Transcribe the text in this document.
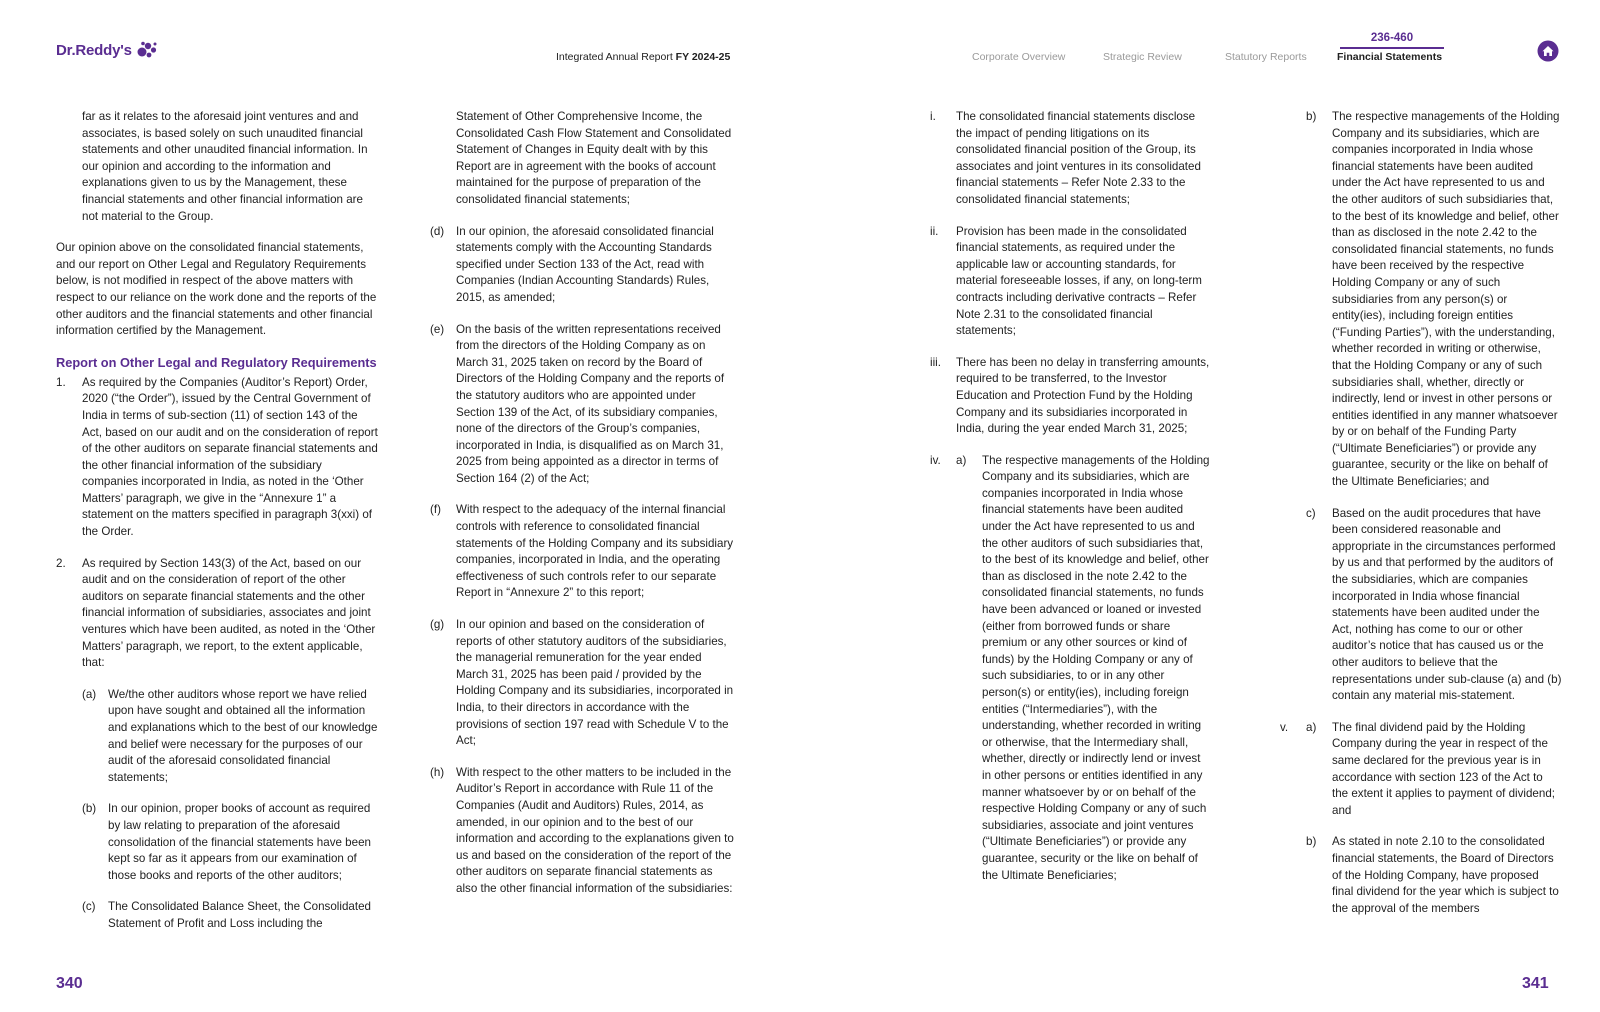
Dr.Reddy's	Integrated Annual Report FY 2024-25	Corporate Overview	Strategic Review	Statutory Reports	Financial Statements
236-460

far as it relates to the aforesaid joint ventures and and associates, is based solely on such unaudited financial statements and other unaudited financial information. In our opinion and according to the information and explanations given to us by the Management, these financial statements and other financial information are not material to the Group.

Our opinion above on the consolidated financial statements, and our report on Other Legal and Regulatory Requirements below, is not modified in respect of the above matters with respect to our reliance on the work done and the reports of the other auditors and the financial statements and other financial information certified by the Management.

Report on Other Legal and Regulatory Requirements
1.	As required by the Companies (Auditor’s Report) Order, 2020 (“the Order”), issued by the Central Government of India in terms of sub-section (11) of section 143 of the Act, based on our audit and on the consideration of report of the other auditors on separate financial statements and the other financial information of the subsidiary companies incorporated in India, as noted in the ‘Other Matters’ paragraph, we give in the “Annexure 1” a statement on the matters specified in paragraph 3(xxi) of the Order.
2.	As required by Section 143(3) of the Act, based on our audit and on the consideration of report of the other auditors on separate financial statements and the other financial information of subsidiaries, associates and joint ventures which have been audited, as noted in the ‘Other Matters’ paragraph, we report, to the extent applicable, that:
(a)	We/the other auditors whose report we have relied upon have sought and obtained all the information and explanations which to the best of our knowledge and belief were necessary for the purposes of our audit of the aforesaid consolidated financial statements;
(b)	In our opinion, proper books of account as required by law relating to preparation of the aforesaid consolidation of the financial statements have been kept so far as it appears from our examination of those books and reports of the other auditors;
(c)	The Consolidated Balance Sheet, the Consolidated Statement of Profit and Loss including the

Statement of Other Comprehensive Income, the Consolidated Cash Flow Statement and Consolidated Statement of Changes in Equity dealt with by this Report are in agreement with the books of account maintained for the purpose of preparation of the consolidated financial statements;

(d)	In our opinion, the aforesaid consolidated financial statements comply with the Accounting Standards specified under Section 133 of the Act, read with Companies (Indian Accounting Standards) Rules, 2015, as amended;
(e)	On the basis of the written representations received from the directors of the Holding Company as on March 31, 2025 taken on record by the Board of Directors of the Holding Company and the reports of the statutory auditors who are appointed under Section 139 of the Act, of its subsidiary companies, none of the directors of the Group’s companies, incorporated in India, is disqualified as on March 31, 2025 from being appointed as a director in terms of Section 164 (2) of the Act;
(f)	With respect to the adequacy of the internal financial controls with reference to consolidated financial statements of the Holding Company and its subsidiary companies, incorporated in India, and the operating effectiveness of such controls refer to our separate Report in “Annexure 2” to this report;
(g)	In our opinion and based on the consideration of reports of other statutory auditors of the subsidiaries, the managerial remuneration for the year ended March 31, 2025 has been paid / provided by the Holding Company and its subsidiaries, incorporated in India, to their directors in accordance with the provisions of section 197 read with Schedule V to the Act;
(h)	With respect to the other matters to be included in the Auditor’s Report in accordance with Rule 11 of the Companies (Audit and Auditors) Rules, 2014, as amended, in our opinion and to the best of our information and according to the explanations given to us and based on the consideration of the report of the other auditors on separate financial statements as also the other financial information of the subsidiaries:
i.	The consolidated financial statements disclose the impact of pending litigations on its consolidated financial position of the Group, its associates and joint ventures in its consolidated financial statements – Refer Note 2.33 to the consolidated financial statements;
ii.	Provision has been made in the consolidated financial statements, as required under the applicable law or accounting standards, for material foreseeable losses, if any, on long-term contracts including derivative contracts – Refer Note 2.31 to the consolidated financial statements;
iii.	There has been no delay in transferring amounts, required to be transferred, to the Investor Education and Protection Fund by the Holding Company and its subsidiaries incorporated in India, during the year ended March 31, 2025;
iv.	a)	The respective managements of the Holding Company and its subsidiaries, which are companies incorporated in India whose financial statements have been audited under the Act have represented to us and the other auditors of such subsidiaries that, to the best of its knowledge and belief, other than as disclosed in the note 2.42 to the consolidated financial statements, no funds have been advanced or loaned or invested (either from borrowed funds or share premium or any other sources or kind of funds) by the Holding Company or any of such subsidiaries, to or in any other person(s) or entity(ies), including foreign entities (“Intermediaries”), with the understanding, whether recorded in writing or otherwise, that the Intermediary shall, whether, directly or indirectly lend or invest in other persons or entities identified in any manner whatsoever by or on behalf of the respective Holding Company or any of such subsidiaries, associate and joint ventures (“Ultimate Beneficiaries”) or provide any guarantee, security or the like on behalf of the Ultimate Beneficiaries;
b)	The respective managements of the Holding Company and its subsidiaries, which are companies incorporated in India whose financial statements have been audited under the Act have represented to us and the other auditors of such subsidiaries that, to the best of its knowledge and belief, other than as disclosed in the note 2.42 to the consolidated financial statements, no funds have been received by the respective Holding Company or any of such subsidiaries from any person(s) or entity(ies), including foreign entities (“Funding Parties”), with the understanding, whether recorded in writing or otherwise, that the Holding Company or any of such subsidiaries shall, whether, directly or indirectly, lend or invest in other persons or entities identified in any manner whatsoever by or on behalf of the Funding Party (“Ultimate Beneficiaries”) or provide any guarantee, security or the like on behalf of the Ultimate Beneficiaries; and
c)	Based on the audit procedures that have been considered reasonable and appropriate in the circumstances performed by us and that performed by the auditors of the subsidiaries, which are companies incorporated in India whose financial statements have been audited under the Act, nothing has come to our or other auditor’s notice that has caused us or the other auditors to believe that the representations under sub-clause (a) and (b) contain any material mis-statement.
v.	a)	The final dividend paid by the Holding Company during the year in respect of the same declared for the previous year is in accordance with section 123 of the Act to the extent it applies to payment of dividend; and
b)	As stated in note 2.10 to the consolidated financial statements, the Board of Directors of the Holding Company, have proposed final dividend for the year which is subject to the approval of the members
340	341
